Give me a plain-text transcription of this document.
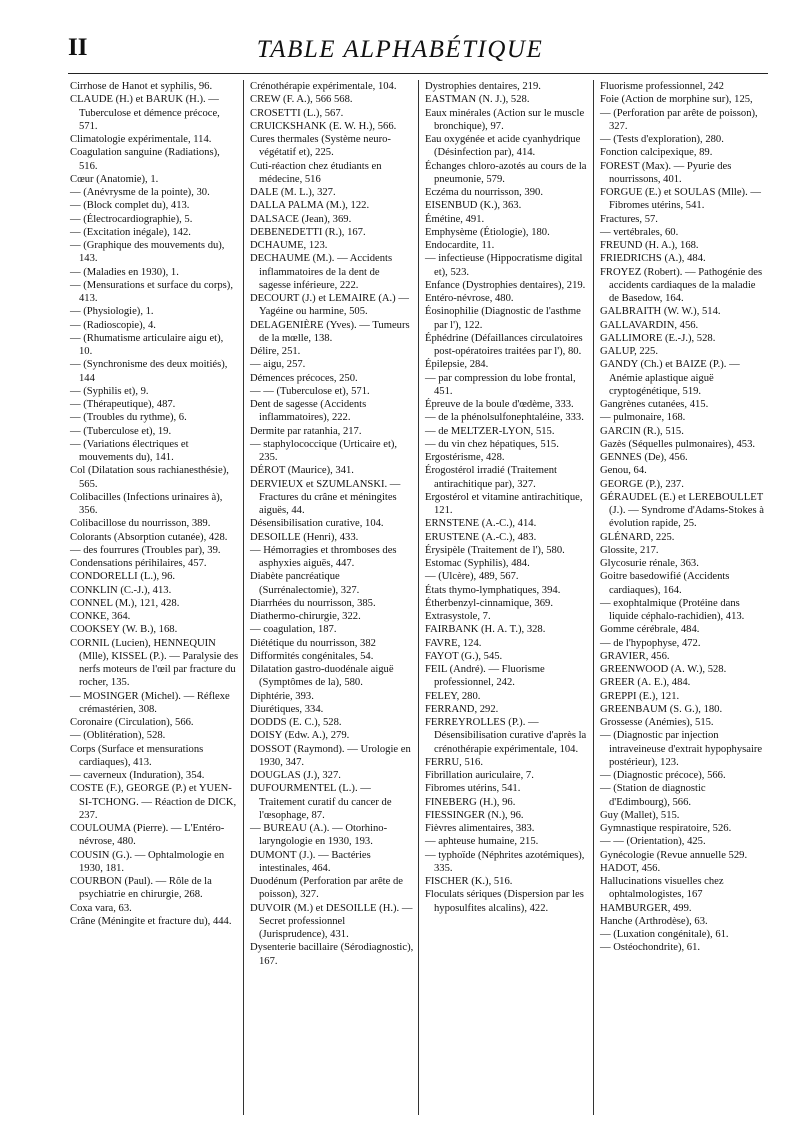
II	TABLE ALPHABÉTIQUE

Cirrhose de Hanot et syphilis, 96.

CLAUDE (H.) et BARUK (H.). — Tuberculose et démence précoce, 571.

Climatologie expérimentale, 114.

Coagulation sanguine (Radiations), 516.

Cœur (Anatomie), 1.

— (Anévrysme de la pointe), 30.

— (Block complet du), 413.

— (Électrocardiographie), 5.

— (Excitation inégale), 142.

— (Graphique des mouvements du), 143.

— (Maladies en 1930), 1.

— (Mensurations et surface du corps), 413.

— (Physiologie), 1.

— (Radioscopie), 4.

— (Rhumatisme articulaire aigu et), 10.

— (Synchronisme des deux moitiés), 144

— (Syphilis et), 9.

— (Thérapeutique), 487.

— (Troubles du rythme), 6.

— (Tuberculose et), 19.

— (Variations électriques et mouvements du), 141.

Col (Dilatation sous rachianesthésie), 565.

Colibacilles (Infections urinaires à), 356.

Colibacillose du nourrisson, 389.

Colorants (Absorption cutanée), 428.

— des fourrures (Troubles par), 39.

Condensations périhilaires, 457.

CONDORELLI (L.), 96.

CONKLIN (C.-J.), 413.

CONNEL (M.), 121, 428.

CONKE, 364.

COOKSEY (W. B.), 168.

CORNIL (Lucien), HENNEQUIN (Mlle), KISSEL (P.). — Paralysie des nerfs moteurs de l'œil par fracture du rocher, 135.

— MOSINGER (Michel). — Réflexe crémastérien, 308.

Coronaire (Circulation), 566.

— (Oblitération), 528.

Corps (Surface et mensurations cardiaques), 413.

— caverneux (Induration), 354.

COSTE (F.), GEORGE (P.) et YUEN-SI-TCHONG. — Réaction de DICK, 237.

COULOUMA (Pierre). — L'Entéro-névrose, 480.

COUSIN (G.). — Ophtalmologie en 1930, 181.

COURBON (Paul). — Rôle de la psychiatrie en chirurgie, 268.

Coxa vara, 63.

Crâne (Méningite et fracture du), 444.

Crénothérapie expérimentale, 104.

CREW (F. A.), 566 568.

CROSETTI (L.), 567.

CRUICKSHANK (E. W. H.), 566.

Cures thermales (Système neuro-végétatif et), 225.

Cuti-réaction chez étudiants en médecine, 516

DALE (M. L.), 327.

DALLA PALMA (M.), 122.

DALSACE (Jean), 369.

DEBENEDETTI (R.), 167.

DCHAUME, 123.

DECHAUME (M.). — Accidents inflammatoires de la dent de sagesse inférieure, 222.

DECOURT (J.) et LEMAIRE (A.) — Yagéine ou harmine, 505.

DELAGENIÈRE (Yves). — Tumeurs de la mœlle, 138.

Délire, 251.

— aigu, 257.

Démences précoces, 250.

— — (Tuberculose et), 571.

Dent de sagesse (Accidents inflammatoires), 222.

Dermite par ratanhia, 217.

— staphylococcique (Urticaire et), 235.

DÉROT (Maurice), 341.

DERVIEUX et SZUMLANSKI. — Fractures du crâne et méningites aiguës, 44.

Désensibilisation curative, 104.

DESOILLE (Henri), 433.

— Hémorragies et thromboses des asphyxies aiguës, 447.

Diabète pancréatique (Surrénalectomie), 327.

Diarrhées du nourrisson, 385.

Diathermo-chirurgie, 322.

— coagulation, 187.

Diététique du nourrisson, 382

Difformités congénitales, 54.

Dilatation gastro-duodénale aiguë (Symptômes de la), 580.

Diphtérie, 393.

Diurétiques, 334.

DODDS (E. C.), 528.

DOISY (Edw. A.), 279.

DOSSOT (Raymond). — Urologie en 1930, 347.

DOUGLAS (J.), 327.

DUFOURMENTEL (L.). — Traitement curatif du cancer de l'œsophage, 87.

— BUREAU (A.). — Otorhino-laryngologie en 1930, 193.

DUMONT (J.). — Bactéries intestinales, 464.

Duodénum (Perforation par arête de poisson), 327.

DUVOIR (M.) et DESOILLE (H.). — Secret professionnel (Jurisprudence), 431.

Dysenterie bacillaire (Sérodiagnostic), 167.

Dystrophies dentaires, 219.

EASTMAN (N. J.), 528.

Eaux minérales (Action sur le muscle bronchique), 97.

Eau oxygénée et acide cyanhydrique (Désinfection par), 414.

Échanges chloro-azotés au cours de la pneumonie, 579.

Eczéma du nourrisson, 390.

EISENBUD (K.), 363.

Émétine, 491.

Emphysème (Étiologie), 180.

Endocardite, 11.

— infectieuse (Hippocratisme digital et), 523.

Enfance (Dystrophies dentaires), 219.

Entéro-névrose, 480.

Éosinophilie (Diagnostic de l'asthme par l'), 122.

Éphédrine (Défaillances circulatoires post-opératoires traitées par l'), 80.

Épilepsie, 284.

— par compression du lobe frontal, 451.

Épreuve de la boule d'œdème, 333.

— de la phénolsulfonephtaléine, 333.

— de MELTZER-LYON, 515.

— du vin chez hépatiques, 515.

Ergostérisme, 428.

Érogostérol irradié (Traitement antirachitique par), 327.

Ergostérol et vitamine antirachitique, 121.

ERNSTENE (A.-C.), 414.

ERUSTENE (A.-C.), 483.

Érysipèle (Traitement de l'), 580.

Estomac (Syphilis), 484.

— (Ulcère), 489, 567.

États thymo-lymphatiques, 394.

Étherbenzyl-cinnamique, 369.

Extrasystole, 7.

FAIRBANK (H. A. T.), 328.

FAVRE, 124.

FAYOT (G.), 545.

FEIL (André). — Fluorisme professionnel, 242.

FELEY, 280.

FERRAND, 292.

FERREYROLLES (P.). — Désensibilisation curative d'après la crénothérapie expérimentale, 104.

FERRU, 516.

Fibrillation auriculaire, 7.

Fibromes utérins, 541.

FINEBERG (H.), 96.

FIESSINGER (N.), 96.

Fièvres alimentaires, 383.

— aphteuse humaine, 215.

— typhoïde (Néphrites azotémiques), 335.

FISCHER (K.), 516.

Floculats sériques (Dispersion par les hyposulfites alcalins), 422.

Fluorisme professionnel, 242

Foie (Action de morphine sur), 125,

— (Perforation par arête de poisson), 327.

— (Tests d'exploration), 280.

Fonction calcipexique, 89.

FOREST (Max). — Pyurie des nourrissons, 401.

FORGUE (E.) et SOULAS (Mlle). — Fibromes utérins, 541.

Fractures, 57.

— vertébrales, 60.

FREUND (H. A.), 168.

FRIEDRICHS (A.), 484.

FROYEZ (Robert). — Pathogénie des accidents cardiaques de la maladie de Basedow, 164.

GALBRAITH (W. W.), 514.

GALLAVARDIN, 456.

GALLIMORE (E.-J.), 528.

GALUP, 225.

GANDY (Ch.) et BAIZE (P.). — Anémie aplastique aiguë cryptogénétique, 519.

Gangrènes cutanées, 415.

— pulmonaire, 168.

GARCIN (R.), 515.

Gazès (Séquelles pulmonaires), 453.

GENNES (De), 456.

Genou, 64.

GEORGE (P.), 237.

GÉRAUDEL (E.) et LEREBOULLET (J.). — Syndrome d'Adams-Stokes à évolution rapide, 25.

GLÉNARD, 225.

Glossite, 217.

Glycosurie rénale, 363.

Goitre basedowifié (Accidents cardiaques), 164.

— exophtalmique (Protéine dans liquide céphalo-rachidien), 413.

Gomme cérébrale, 484.

— de l'hypophyse, 472.

GRAVIER, 456.

GREENWOOD (A. W.), 528.

GREER (A. E.), 484.

GREPPI (E.), 121.

GREENBAUM (S. G.), 180.

Grossesse (Anémies), 515.

— (Diagnostic par injection intraveineuse d'extrait hypophysaire postérieur), 123.

— (Diagnostic précoce), 566.

— (Station de diagnostic d'Edimbourg), 566.

Guy (Mallet), 515.

Gymnastique respiratoire, 526.

— — (Orientation), 425.

Gynécologie (Revue annuelle 529.

HADOT, 456.

Hallucinations visuelles chez ophtalmologistes, 167

HAMBURGER, 499.

Hanche (Arthrodèse), 63.

— (Luxation congénitale), 61.

— Ostéochondrite), 61.
